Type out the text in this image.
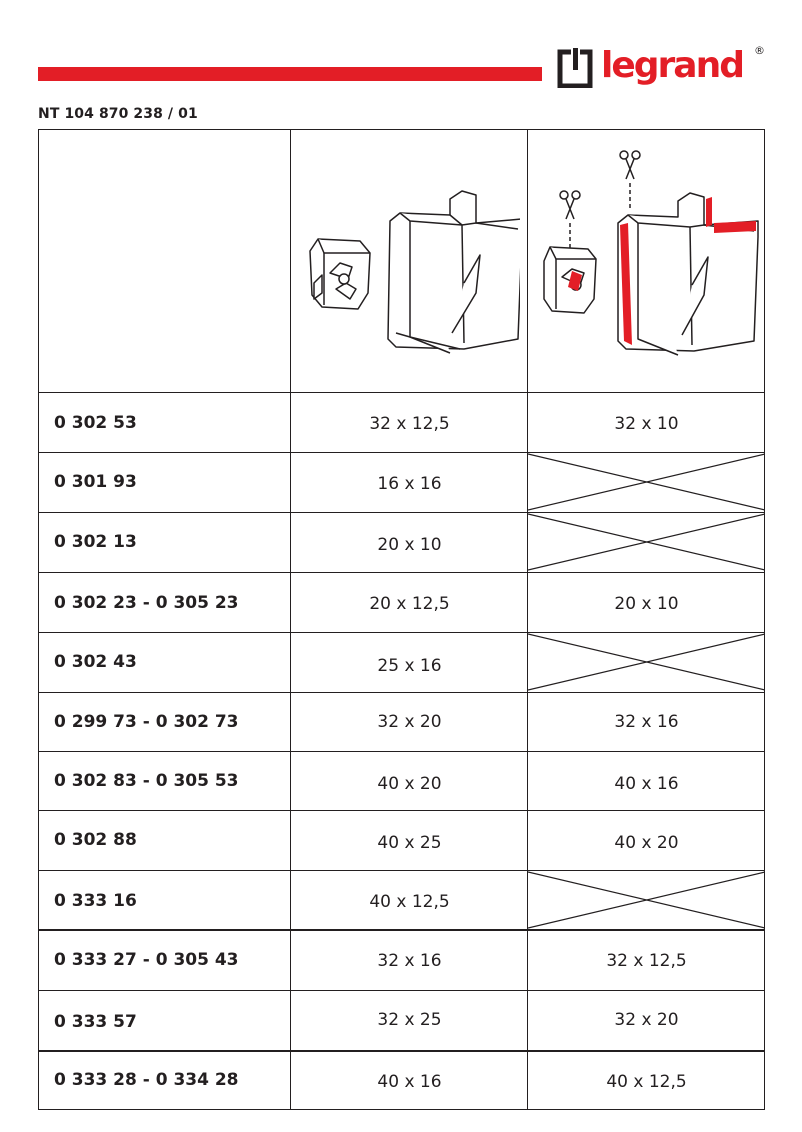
legrand ®
NT 104 870 238 / 01
0 302 53	32 x 12,5	32 x 10
0 301 93	16 x 16
0 302 13	20 x 10
0 302 23 - 0 305 23	20 x 12,5	20 x 10
0 302 43	25 x 16
0 299 73 - 0 302 73	32 x 20	32 x 16
0 302 83 - 0 305 53	40 x 20	40 x 16
0 302 88	40 x 25	40 x 20
0 333 16	40 x 12,5
0 333 27 - 0 305 43	32 x 16	32 x 12,5
0 333 57	32 x 25	32 x 20
0 333 28 - 0 334 28	40 x 16	40 x 12,5
